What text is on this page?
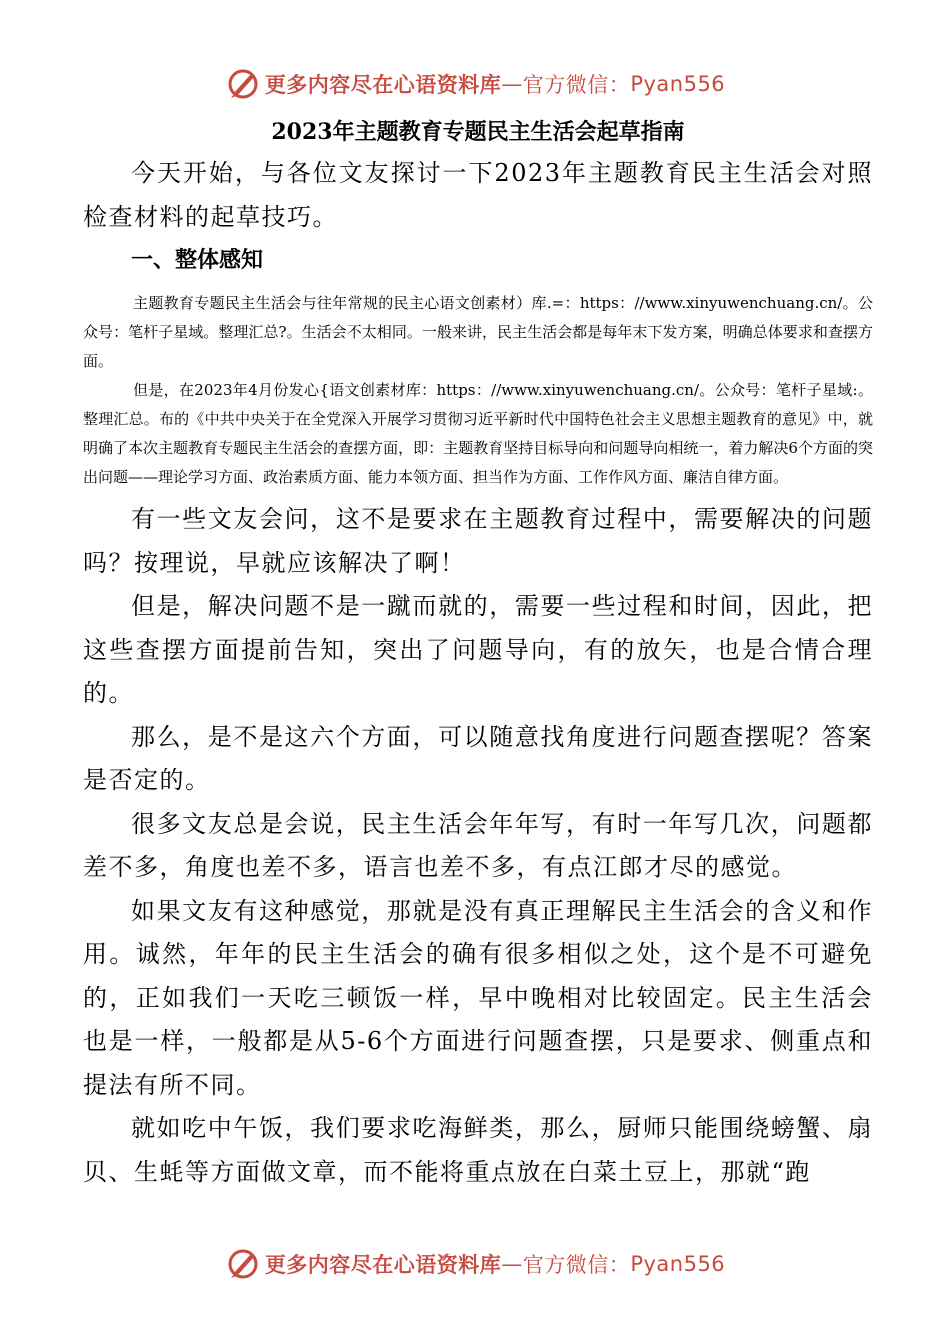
更多内容尽在心语资料库 — 官方微信： Pyan556
2023年主题教育专题民主生活会起草指南

今天开始，与各位文友探讨一下2023年主题教育民主生活会对照检查材料的起草技巧。

一、整体感知

主题教育专题民主生活会与往年常规的民主心语文创素材）库.=：https：//www.xinyuwenchuang.cn/。公众号：笔杆子星域。整理汇总?。生活会不太相同。一般来讲，民主生活会都是每年末下发方案，明确总体要求和查摆方面。

但是，在2023年4月份发心{语文创素材库：https：//www.xinyuwenchuang.cn/。公众号：笔杆子星域:。整理汇总。布的《中共中央关于在全党深入开展学习贯彻习近平新时代中国特色社会主义思想主题教育的意见》中，就明确了本次主题教育专题民主生活会的查摆方面，即：主题教育坚持目标导向和问题导向相统一，着力解决6个方面的突出问题——理论学习方面、政治素质方面、能力本领方面、担当作为方面、工作作风方面、廉洁自律方面。

有一些文友会问，这不是要求在主题教育过程中，需要解决的问题吗？按理说，早就应该解决了啊！

但是，解决问题不是一蹴而就的，需要一些过程和时间，因此，把这些查摆方面提前告知，突出了问题导向，有的放矢，也是合情合理的。

那么，是不是这六个方面，可以随意找角度进行问题查摆呢？答案是否定的。

很多文友总是会说，民主生活会年年写，有时一年写几次，问题都差不多，角度也差不多，语言也差不多，有点江郎才尽的感觉。

如果文友有这种感觉，那就是没有真正理解民主生活会的含义和作用。诚然，年年的民主生活会的确有很多相似之处，这个是不可避免的，正如我们一天吃三顿饭一样，早中晚相对比较固定。民主生活会也是一样，一般都是从5-6个方面进行问题查摆，只是要求、侧重点和提法有所不同。

就如吃中午饭，我们要求吃海鲜类，那么，厨师只能围绕螃蟹、扇贝、生蚝等方面做文章，而不能将重点放在白菜土豆上，那就“跑

更多内容尽在心语资料库 — 官方微信： Pyan556
